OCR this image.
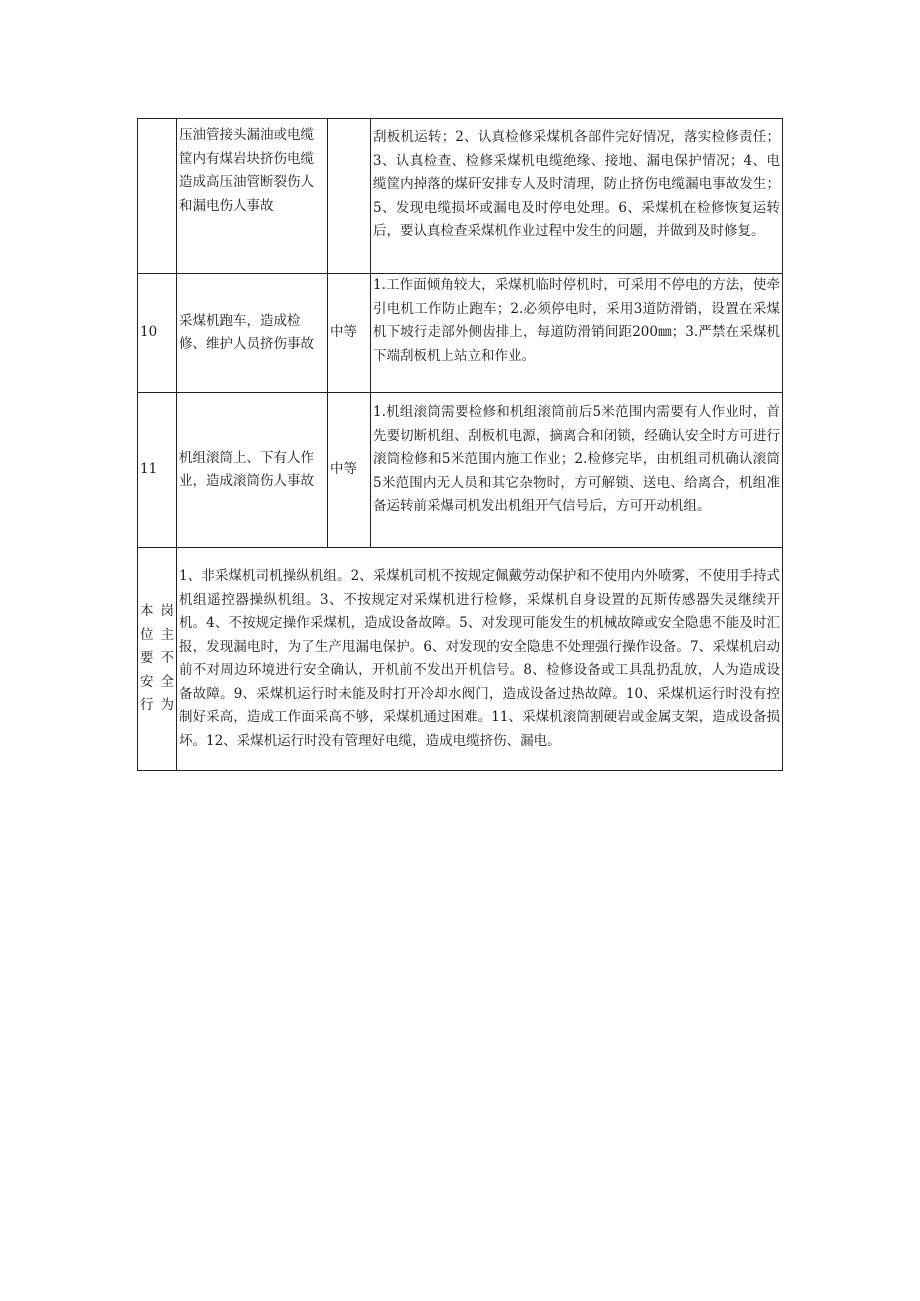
	压油管接头漏油或电缆筐内有煤岩块挤伤电缆造成高压油管断裂伤人和漏电伤人事故		刮板机运转；2、认真检修采煤机各部件完好情况，落实检修责任；3、认真检查、检修采煤机电缆绝缘、接地、漏电保护情况；4、电缆筐内掉落的煤矸安排专人及时清理，防止挤伤电缆漏电事故发生；5、发现电缆损坏或漏电及时停电处理。6、采煤机在检修恢复运转后，要认真检查采煤机作业过程中发生的问题，并做到及时修复。
10	采煤机跑车，造成检修、维护人员挤伤事故	中等	1.工作面倾角较大，采煤机临时停机时，可采用不停电的方法，使牵引电机工作防止跑车；2.必须停电时，采用3道防滑销，设置在采煤机下坡行走部外侧齿排上，每道防滑销间距200㎜；3.严禁在采煤机下端刮板机上站立和作业。
11	机组滚筒上、下有人作业，造成滚筒伤人事故	中等	1.机组滚筒需要检修和机组滚筒前后5米范围内需要有人作业时，首先要切断机组、刮板机电源，摘离合和闭锁，经确认安全时方可进行滚筒检修和5米范围内施工作业；2.检修完毕，由机组司机确认滚筒5米范围内无人员和其它杂物时，方可解锁、送电、给离合，机组准备运转前采爆司机发出机组开气信号后，方可开动机组。
本岗位主要不安全行为	1、非采煤机司机操纵机组。2、采煤机司机不按规定佩戴劳动保护和不使用内外喷雾，不使用手持式机组遥控器操纵机组。3、不按规定对采煤机进行检修，采煤机自身设置的瓦斯传感器失灵继续开机。4、不按规定操作采煤机，造成设备故障。5、对发现可能发生的机械故障或安全隐患不能及时汇报，发现漏电时，为了生产甩漏电保护。6、对发现的安全隐患不处理强行操作设备。7、采煤机启动前不对周边环境进行安全确认，开机前不发出开机信号。8、检修设备或工具乱扔乱放，人为造成设备故障。9、采煤机运行时未能及时打开冷却水阀门，造成设备过热故障。10、采煤机运行时没有控制好采高，造成工作面采高不够，采煤机通过困难。11、采煤机滚筒割硬岩或金属支架，造成设备损坏。12、采煤机运行时没有管理好电缆，造成电缆挤伤、漏电。		
